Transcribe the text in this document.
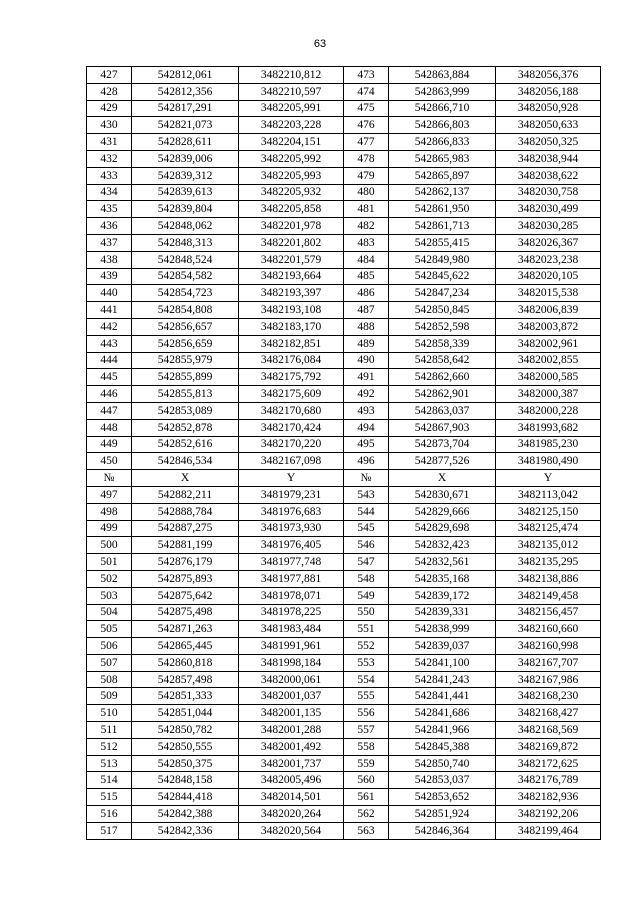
63
427	542812,061	3482210,812	473	542863,884	3482056,376
428	542812,356	3482210,597	474	542863,999	3482056,188
429	542817,291	3482205,991	475	542866,710	3482050,928
430	542821,073	3482203,228	476	542866,803	3482050,633
431	542828,611	3482204,151	477	542866,833	3482050,325
432	542839,006	3482205,992	478	542865,983	3482038,944
433	542839,312	3482205,993	479	542865,897	3482038,622
434	542839,613	3482205,932	480	542862,137	3482030,758
435	542839,804	3482205,858	481	542861,950	3482030,499
436	542848,062	3482201,978	482	542861,713	3482030,285
437	542848,313	3482201,802	483	542855,415	3482026,367
438	542848,524	3482201,579	484	542849,980	3482023,238
439	542854,582	3482193,664	485	542845,622	3482020,105
440	542854,723	3482193,397	486	542847,234	3482015,538
441	542854,808	3482193,108	487	542850,845	3482006,839
442	542856,657	3482183,170	488	542852,598	3482003,872
443	542856,659	3482182,851	489	542858,339	3482002,961
444	542855,979	3482176,084	490	542858,642	3482002,855
445	542855,899	3482175,792	491	542862,660	3482000,585
446	542855,813	3482175,609	492	542862,901	3482000,387
447	542853,089	3482170,680	493	542863,037	3482000,228
448	542852,878	3482170,424	494	542867,903	3481993,682
449	542852,616	3482170,220	495	542873,704	3481985,230
450	542846,534	3482167,098	496	542877,526	3481980,490
№	X	Y	№	X	Y
497	542882,211	3481979,231	543	542830,671	3482113,042
498	542888,784	3481976,683	544	542829,666	3482125,150
499	542887,275	3481973,930	545	542829,698	3482125,474
500	542881,199	3481976,405	546	542832,423	3482135,012
501	542876,179	3481977,748	547	542832,561	3482135,295
502	542875,893	3481977,881	548	542835,168	3482138,886
503	542875,642	3481978,071	549	542839,172	3482149,458
504	542875,498	3481978,225	550	542839,331	3482156,457
505	542871,263	3481983,484	551	542838,999	3482160,660
506	542865,445	3481991,961	552	542839,037	3482160,998
507	542860,818	3481998,184	553	542841,100	3482167,707
508	542857,498	3482000,061	554	542841,243	3482167,986
509	542851,333	3482001,037	555	542841,441	3482168,230
510	542851,044	3482001,135	556	542841,686	3482168,427
511	542850,782	3482001,288	557	542841,966	3482168,569
512	542850,555	3482001,492	558	542845,388	3482169,872
513	542850,375	3482001,737	559	542850,740	3482172,625
514	542848,158	3482005,496	560	542853,037	3482176,789
515	542844,418	3482014,501	561	542853,652	3482182,936
516	542842,388	3482020,264	562	542851,924	3482192,206
517	542842,336	3482020,564	563	542846,364	3482199,464
